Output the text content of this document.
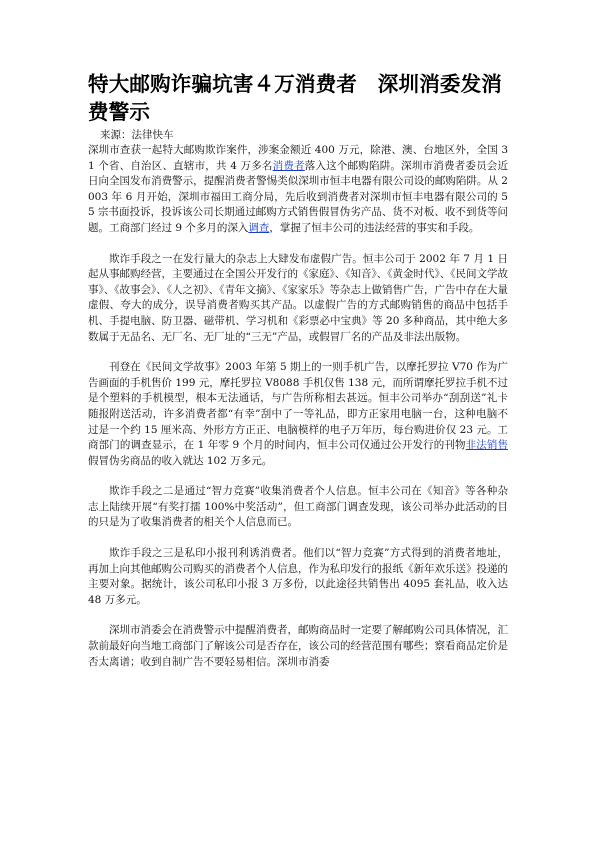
特大邮购诈骗坑害４万消费者　深圳消委发消费警示
来源：法律快车

深圳市查获一起特大邮购欺诈案件，涉案金额近 400 万元，除港、澳、台地区外，全国 31 个省、自治区、直辖市，共 4 万多名消费者落入这个邮购陷阱。深圳市消费者委员会近日向全国发布消费警示，提醒消费者警惕类似深圳市恒丰电器有限公司设的邮购陷阱。从 2003 年 6 月开始，深圳市福田工商分局，先后收到消费者对深圳市恒丰电器有限公司的 55 宗书面投诉，投诉该公司长期通过邮购方式销售假冒伪劣产品、货不对板、收不到货等问题。工商部门经过 9 个多月的深入调查，掌握了恒丰公司的违法经营的事实和手段。

欺诈手段之一在发行量大的杂志上大肆发布虚假广告。恒丰公司于 2002 年 7 月 1 日起从事邮购经营，主要通过在全国公开发行的《家庭》、《知音》、《黄金时代》、《民间文学故事》、《故事会》、《人之初》、《青年文摘》、《家家乐》等杂志上做销售广告，广告中存在大量虚假、夸大的成分，误导消费者购买其产品。以虚假广告的方式邮购销售的商品中包括手机、手提电脑、防卫器、磁带机、学习机和《彩票必中宝典》等 20 多种商品，其中绝大多数属于无品名、无厂名、无厂址的“三无”产品，或假冒厂名的产品及非法出版物。

刊登在《民间文学故事》2003 年第 5 期上的一则手机广告，以摩托罗拉 V70 作为广告画面的手机售价 199 元，摩托罗拉 V8088 手机仅售 138 元，而所谓摩托罗拉手机不过是个塑料的手机模型，根本无法通话，与广告所称相去甚远。恒丰公司举办“刮刮送”礼卡随报附送活动，许多消费者都“有幸”刮中了一等礼品，即方正家用电脑一台，这种电脑不过是一个约 15 厘米高、外形方方正正、电脑模样的电子万年历，每台购进价仅 23 元。工商部门的调查显示，在 1 年零 9 个月的时间内，恒丰公司仅通过公开发行的刊物非法销售假冒伪劣商品的收入就达 102 万多元。

欺诈手段之二是通过“智力竞赛”收集消费者个人信息。恒丰公司在《知音》等各种杂志上陆续开展“有奖打擂 100%中奖活动”，但工商部门调查发现，该公司举办此活动的目的只是为了收集消费者的相关个人信息而已。

欺诈手段之三是私印小报刊利诱消费者。他们以“智力竞赛”方式得到的消费者地址，再加上向其他邮购公司购买的消费者个人信息，作为私印发行的报纸《新年欢乐送》投递的主要对象。据统计，该公司私印小报 3 万多份，以此途径共销售出 4095 套礼品，收入达 48 万多元。

深圳市消委会在消费警示中提醒消费者，邮购商品时一定要了解邮购公司具体情况，汇款前最好向当地工商部门了解该公司是否存在，该公司的经营范围有哪些；察看商品定价是否太离谱；收到自制广告不要轻易相信。深圳市消委
